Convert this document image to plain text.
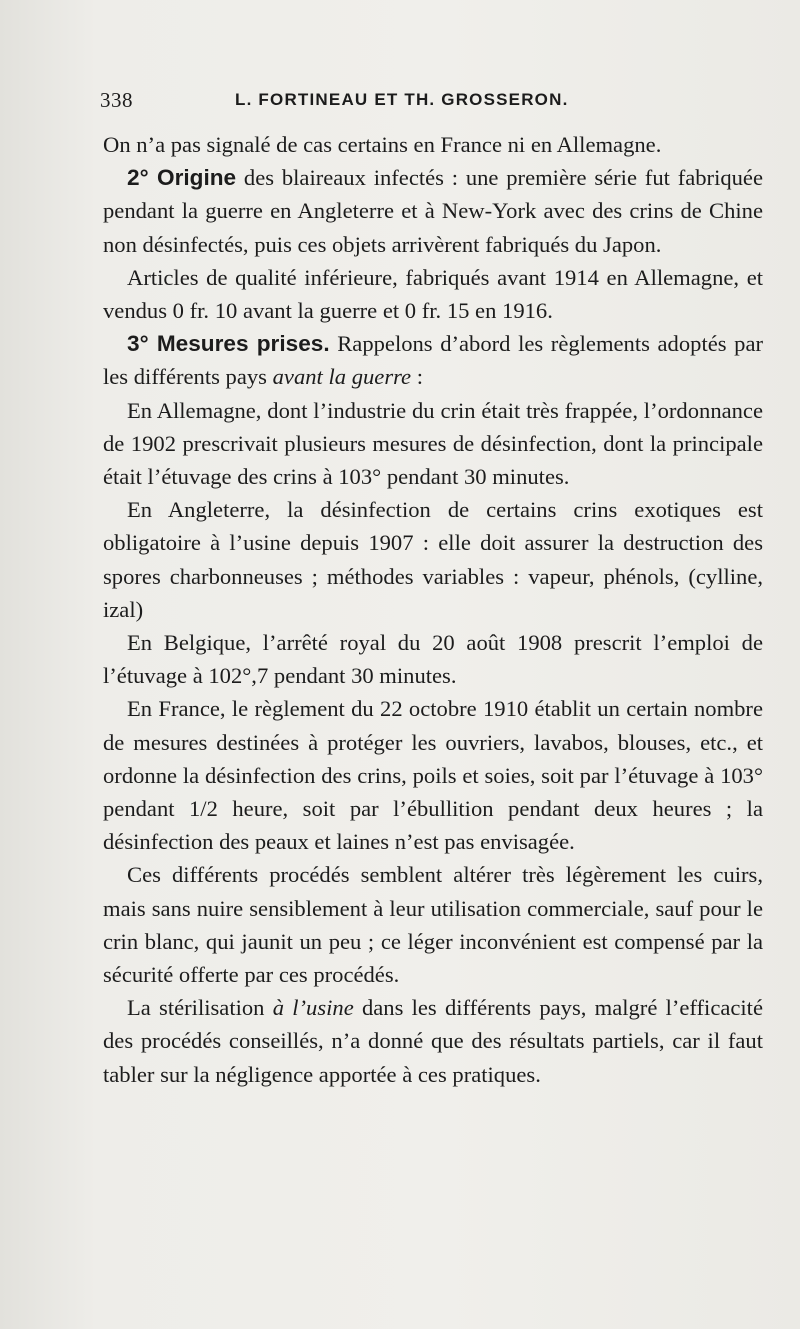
338	L. FORTINEAU ET TH. GROSSERON.

On n’a pas signalé de cas certains en France ni en Allemagne.

2° Origine des blaireaux infectés : une première série fut fabriquée pendant la guerre en Angleterre et à New-York avec des crins de Chine non désinfectés, puis ces objets arrivèrent fabriqués du Japon.

Articles de qualité inférieure, fabriqués avant 1914 en Allemagne, et vendus 0 fr. 10 avant la guerre et 0 fr. 15 en 1916.

3° Mesures prises. Rappelons d’abord les règlements adoptés par les différents pays avant la guerre :

En Allemagne, dont l’industrie du crin était très frappée, l’ordonnance de 1902 prescrivait plusieurs mesures de désinfection, dont la principale était l’étuvage des crins à 103° pendant 30 minutes.

En Angleterre, la désinfection de certains crins exotiques est obligatoire à l’usine depuis 1907 : elle doit assurer la destruction des spores charbonneuses ; méthodes variables : vapeur, phénols, (cylline, izal)

En Belgique, l’arrêté royal du 20 août 1908 prescrit l’emploi de l’étuvage à 102°,7 pendant 30 minutes.

En France, le règlement du 22 octobre 1910 établit un certain nombre de mesures destinées à protéger les ouvriers, lavabos, blouses, etc., et ordonne la désinfection des crins, poils et soies, soit par l’étuvage à 103° pendant 1/2 heure, soit par l’ébullition pendant deux heures ; la désinfection des peaux et laines n’est pas envisagée.

Ces différents procédés semblent altérer très légèrement les cuirs, mais sans nuire sensiblement à leur utilisation commerciale, sauf pour le crin blanc, qui jaunit un peu ; ce léger inconvénient est compensé par la sécurité offerte par ces procédés.

La stérilisation à l’usine dans les différents pays, malgré l’efficacité des procédés conseillés, n’a donné que des résultats partiels, car il faut tabler sur la négligence apportée à ces pratiques.
